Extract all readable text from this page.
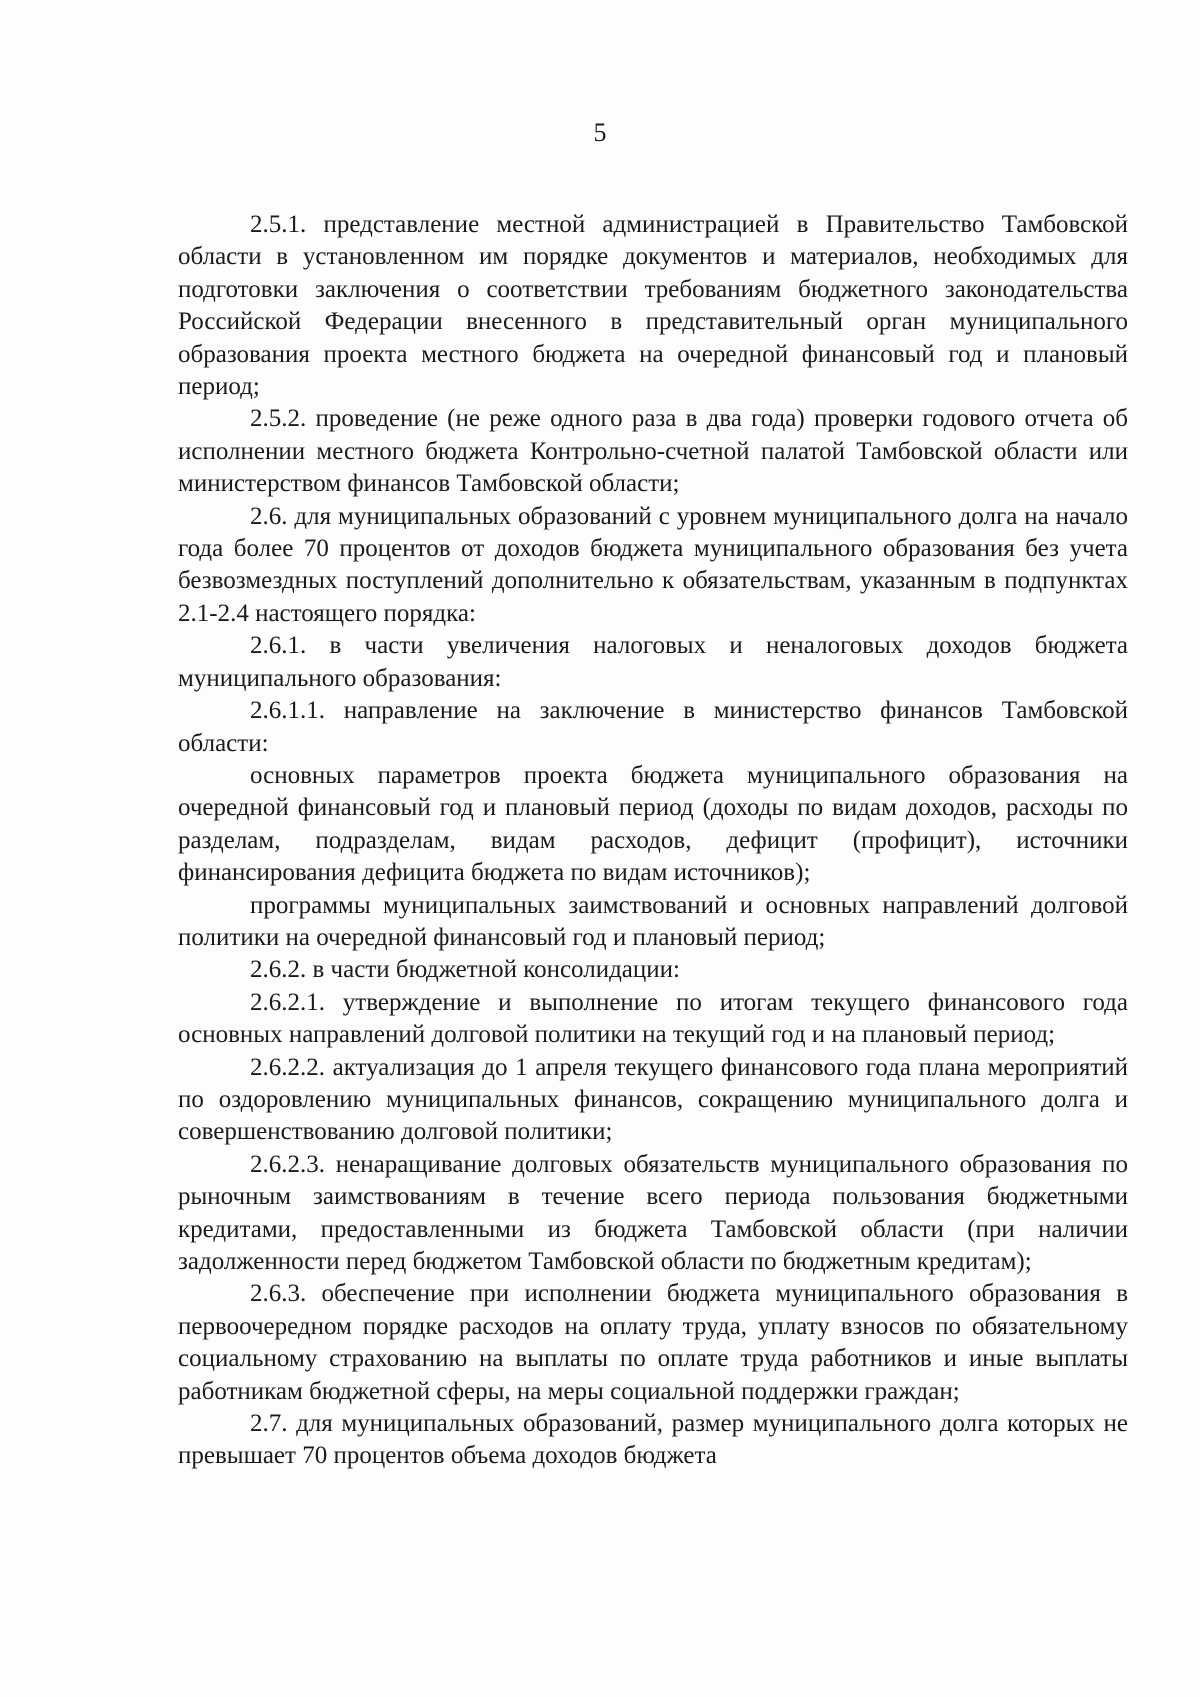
5

2.5.1. представление местной администрацией в Правительство Тамбовской области в установленном им порядке документов и материалов, необходимых для подготовки заключения о соответствии требованиям бюджетного законодательства Российской Федерации внесенного в представительный орган муниципального образования проекта местного бюджета на очередной финансовый год и плановый период;

2.5.2. проведение (не реже одного раза в два года) проверки годового отчета об исполнении местного бюджета Контрольно-счетной палатой Тамбовской области или министерством финансов Тамбовской области;

2.6. для муниципальных образований с уровнем муниципального долга на начало года более 70 процентов от доходов бюджета муниципального образования без учета безвозмездных поступлений дополнительно к обязательствам, указанным в подпунктах 2.1-2.4 настоящего порядка:

2.6.1. в части увеличения налоговых и неналоговых доходов бюджета муниципального образования:

2.6.1.1. направление на заключение в министерство финансов Тамбовской области:

основных параметров проекта бюджета муниципального образования на очередной финансовый год и плановый период (доходы по видам доходов, расходы по разделам, подразделам, видам расходов, дефицит (профицит), источники финансирования дефицита бюджета по видам источников);

программы муниципальных заимствований и основных направлений долговой политики на очередной финансовый год и плановый период;

2.6.2. в части бюджетной консолидации:

2.6.2.1. утверждение и выполнение по итогам текущего финансового года основных направлений долговой политики на текущий год и на плановый период;

2.6.2.2. актуализация до 1 апреля текущего финансового года плана мероприятий по оздоровлению муниципальных финансов, сокращению муниципального долга и совершенствованию долговой политики;

2.6.2.3. ненаращивание долговых обязательств муниципального образования по рыночным заимствованиям в течение всего периода пользования бюджетными кредитами, предоставленными из бюджета Тамбовской области (при наличии задолженности перед бюджетом Тамбовской области по бюджетным кредитам);

2.6.3. обеспечение при исполнении бюджета муниципального образования в первоочередном порядке расходов на оплату труда, уплату взносов по обязательному социальному страхованию на выплаты по оплате труда работников и иные выплаты работникам бюджетной сферы, на меры социальной поддержки граждан;

2.7. для муниципальных образований, размер муниципального долга которых не превышает 70 процентов объема доходов бюджета
